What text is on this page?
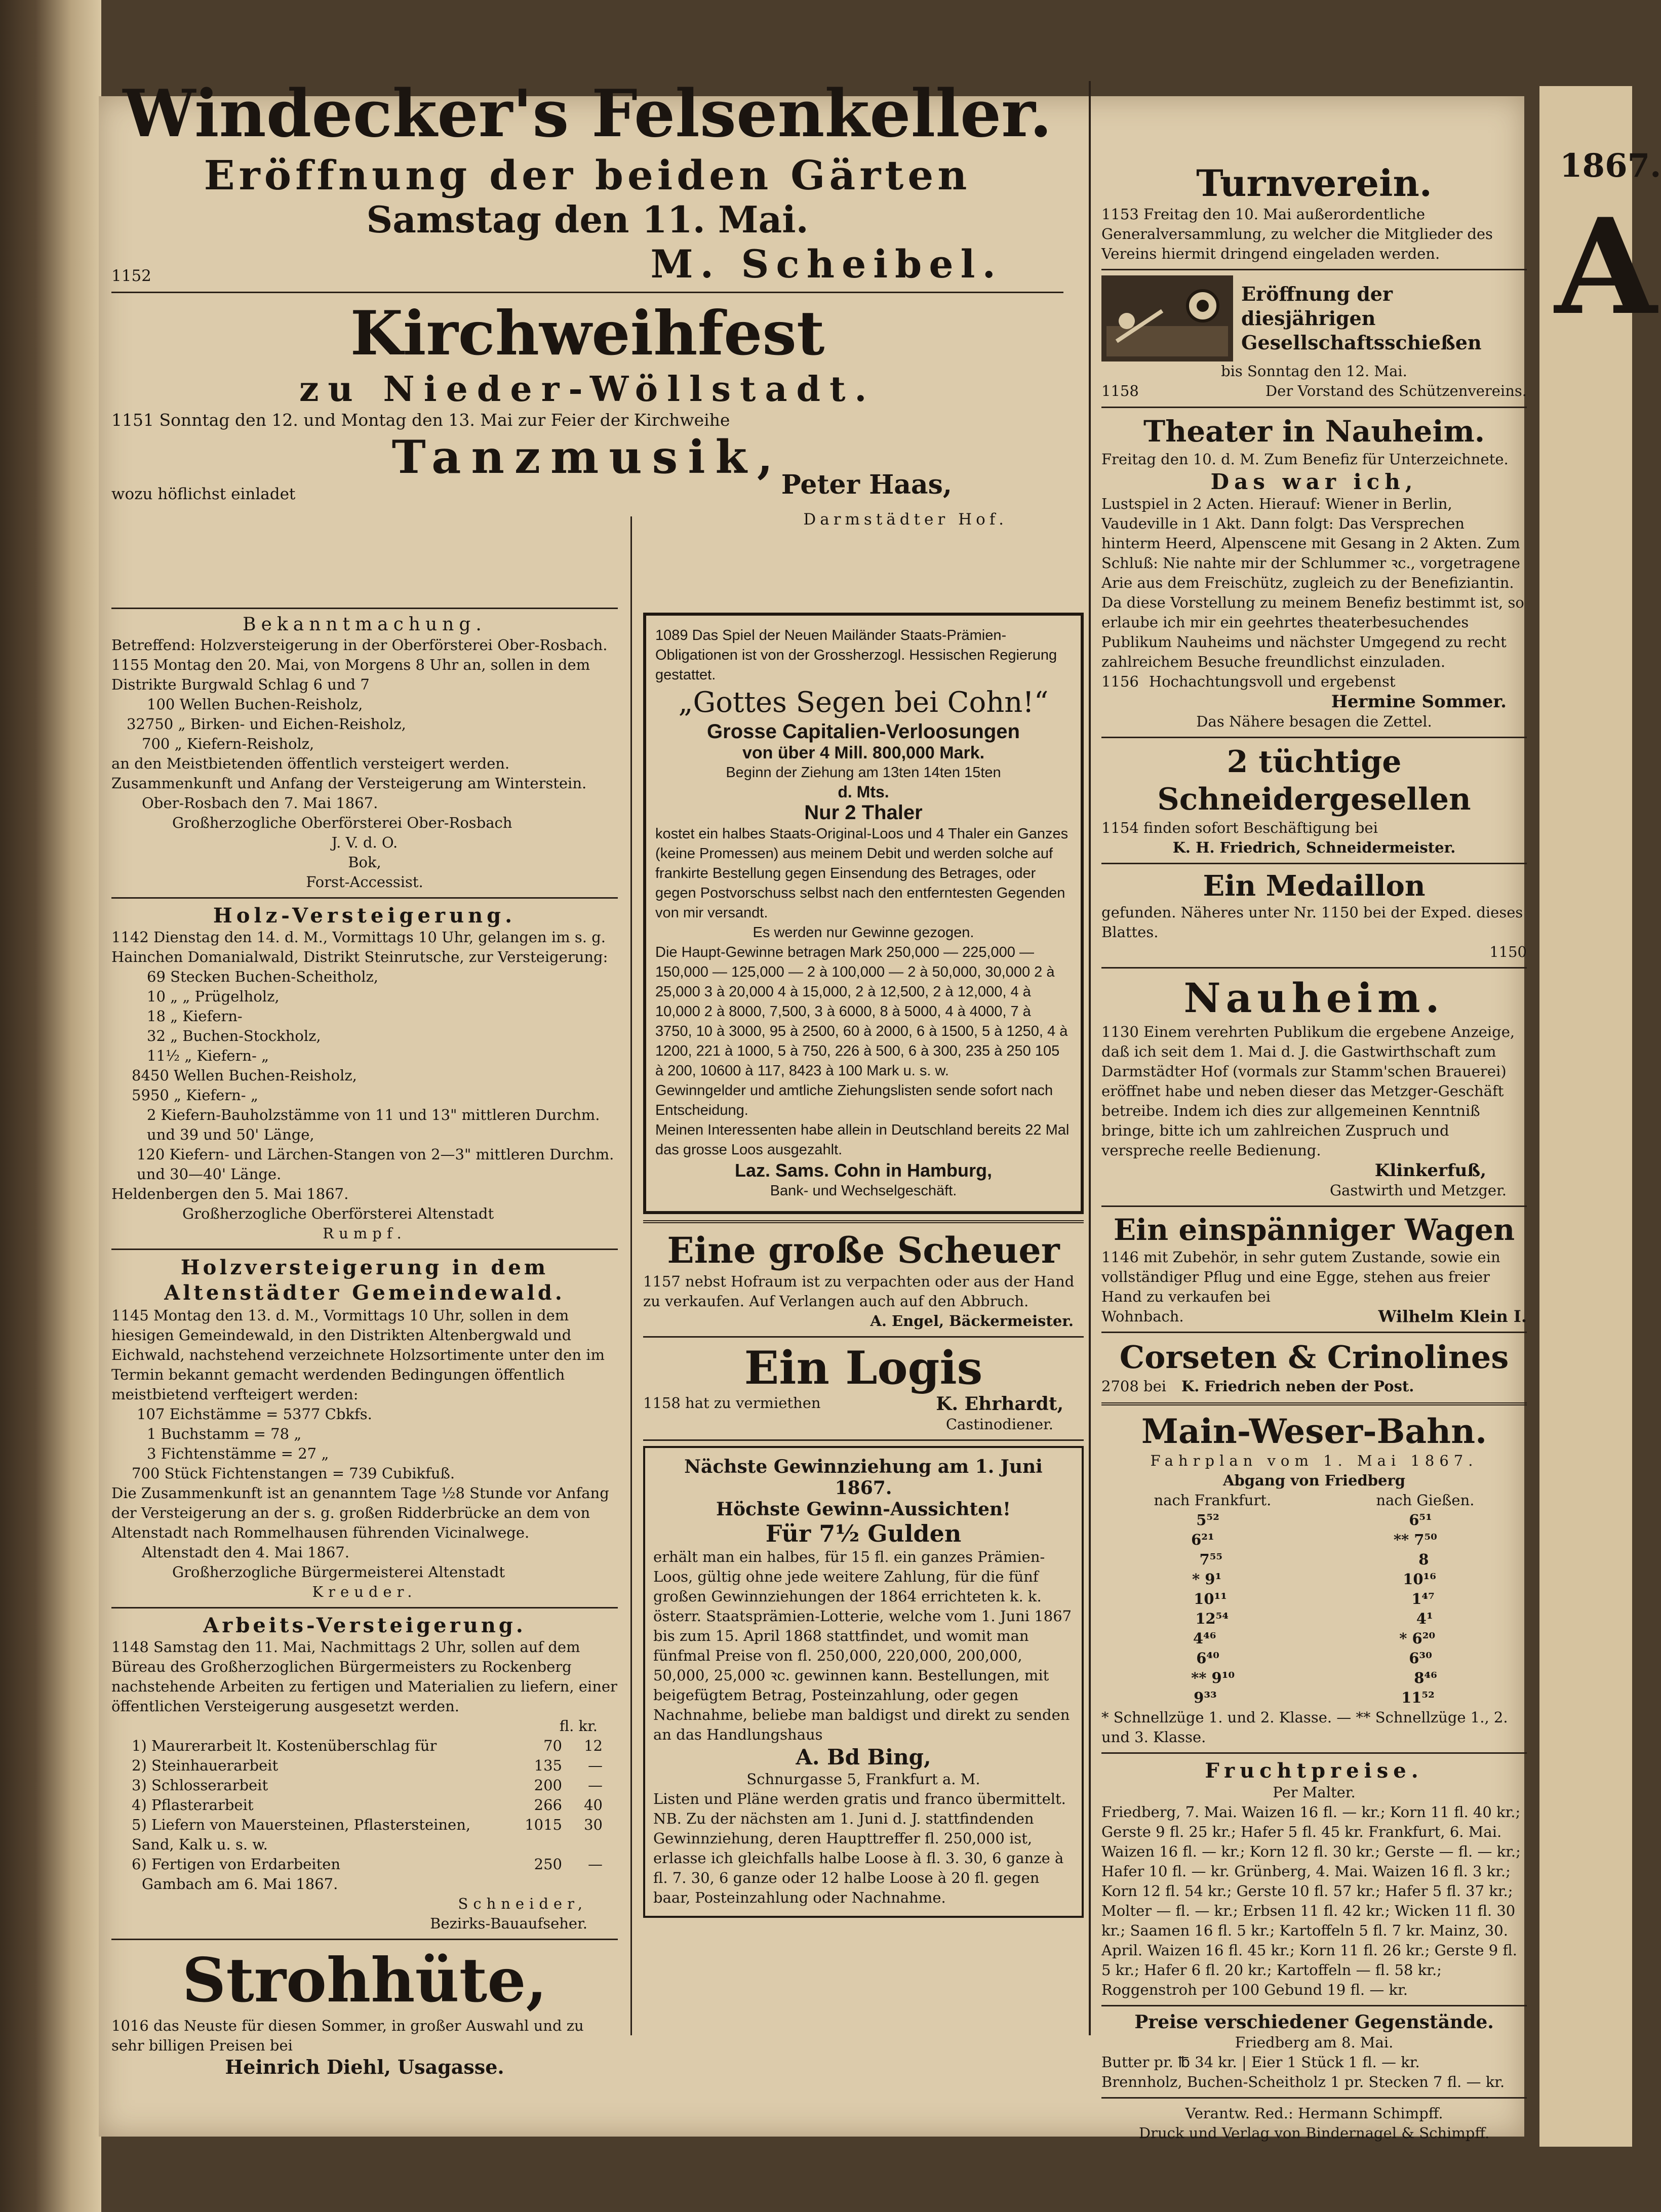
1867.
A
Windecker's Felsenkeller.
Eröffnung der beiden Gärten
Samstag den 11. Mai.
1152	M. Scheibel.
Kirchweihfest
zu Nieder-Wöllstadt.

1151 Sonntag den 12. und Montag den 13. Mai zur Feier der Kirchweihe

Tanzmusik,
wozu höflichst einladet	Peter Haas,
Darmstädter Hof.
Bekanntmachung.

Betreffend: Holzversteigerung in der Oberförsterei Ober-Rosbach.

1155 Montag den 20. Mai, von Morgens 8 Uhr an, sollen in dem Distrikte Burgwald Schlag 6 und 7

100 Wellen Buchen-Reisholz,

32750 „ Birken- und Eichen-Reisholz,

700 „ Kiefern-Reisholz,

an den Meistbietenden öffentlich versteigert werden. Zusammenkunft und Anfang der Versteigerung am Winterstein.

Ober-Rosbach den 7. Mai 1867.

Großherzogliche Oberförsterei Ober-Rosbach

J. V. d. O.

Bok,

Forst-Accessist.

Holz-Versteigerung.

1142 Dienstag den 14. d. M., Vormittags 10 Uhr, gelangen im s. g. Hainchen Domanialwald, Distrikt Steinrutsche, zur Versteigerung:

69 Stecken Buchen-Scheitholz,

10 „ „ Prügelholz,

18 „ Kiefern-

32 „ Buchen-Stockholz,

11½ „ Kiefern- „

8450 Wellen Buchen-Reisholz,

5950 „ Kiefern- „

2 Kiefern-Bauholzstämme von 11 und 13" mittleren Durchm. und 39 und 50' Länge,

120 Kiefern- und Lärchen-Stangen von 2—3" mittleren Durchm. und 30—40' Länge.

Heldenbergen den 5. Mai 1867.

Großherzogliche Oberförsterei Altenstadt

Rumpf.

Holzversteigerung in dem Altenstädter Gemeindewald.

1145 Montag den 13. d. M., Vormittags 10 Uhr, sollen in dem hiesigen Gemeindewald, in den Distrikten Altenbergwald und Eichwald, nachstehend verzeichnete Holzsortimente unter den im Termin bekannt gemacht werdenden Bedingungen öffentlich meistbietend verfteigert werden:

107 Eichstämme = 5377 Cbkfs.

1 Buchstamm = 78 „

3 Fichtenstämme = 27 „

700 Stück Fichtenstangen = 739 Cubikfuß.

Die Zusammenkunft ist an genanntem Tage ½8 Stunde vor Anfang der Versteigerung an der s. g. großen Ridderbrücke an dem von Altenstadt nach Rommelhausen führenden Vicinalwege.

Altenstadt den 4. Mai 1867.

Großherzogliche Bürgermeisterei Altenstadt

Kreuder.

Arbeits-Versteigerung.

1148 Samstag den 11. Mai, Nachmittags 2 Uhr, sollen auf dem Büreau des Großherzoglichen Bürgermeisters zu Rockenberg nachstehende Arbeiten zu fertigen und Materialien zu liefern, einer öffentlichen Versteigerung ausgesetzt werden.

fl. kr.
1) Maurerarbeit lt. Kostenüberschlag für	70	12
2) Steinhauerarbeit	135	—
3) Schlosserarbeit	200	—
4) Pflasterarbeit	266	40
5) Liefern von Mauersteinen, Pflastersteinen, Sand, Kalk u. s. w.
1015	30
6) Fertigen von Erdarbeiten	250	—

Gambach am 6. Mai 1867.

Schneider,

Bezirks-Bauaufseher.

Strohhüte,

1016 das Neuste für diesen Sommer, in großer Auswahl und zu sehr billigen Preisen bei

Heinrich Diehl, Usagasse.

1089 Das Spiel der Neuen Mailänder Staats-Prämien-Obligationen ist von der Grossherzogl. Hessischen Regierung gestattet.

„Gottes Segen bei Cohn!“
Grosse Capitalien-Verloosungen
von über 4 Mill. 800,000 Mark.
Beginn der Ziehung am 13ten 14ten 15ten
d. Mts.
Nur 2 Thaler

kostet ein halbes Staats-Original-Loos und 4 Thaler ein Ganzes (keine Promessen) aus meinem Debit und werden solche auf frankirte Bestellung gegen Einsendung des Betrages, oder gegen Postvorschuss selbst nach den entferntesten Gegenden von mir versandt.

Es werden nur Gewinne gezogen.

Die Haupt-Gewinne betragen Mark 250,000 — 225,000 — 150,000 — 125,000 — 2 à 100,000 — 2 à 50,000, 30,000 2 à 25,000 3 à 20,000 4 à 15,000, 2 à 12,500, 2 à 12,000, 4 à 10,000 2 à 8000, 7,500, 3 à 6000, 8 à 5000, 4 à 4000, 7 à 3750, 10 à 3000, 95 à 2500, 60 à 2000, 6 à 1500, 5 à 1250, 4 à 1200, 221 à 1000, 5 à 750, 226 à 500, 6 à 300, 235 à 250 105 à 200, 10600 à 117, 8423 à 100 Mark u. s. w.

Gewinngelder und amtliche Ziehungslisten sende sofort nach Entscheidung.

Meinen Interessenten habe allein in Deutschland bereits 22 Mal das grosse Loos ausgezahlt.

Laz. Sams. Cohn in Hamburg,

Bank- und Wechselgeschäft.

Eine große Scheuer

1157 nebst Hofraum ist zu verpachten oder aus der Hand zu verkaufen. Auf Verlangen auch auf den Abbruch.

A. Engel, Bäckermeister.

Ein Logis
1158 hat zu vermiethen	K. Ehrhardt,

Castinodiener.

Nächste Gewinnziehung am 1. Juni 1867.

Höchste Gewinn-Aussichten!

Für 7½ Gulden

erhält man ein halbes, für 15 fl. ein ganzes Prämien-Loos, gültig ohne jede weitere Zahlung, für die fünf großen Gewinnziehungen der 1864 errichteten k. k. österr. Staatsprämien-Lotterie, welche vom 1. Juni 1867 bis zum 15. April 1868 stattfindet, und womit man fünfmal Preise von fl. 250,000, 220,000, 200,000, 50,000, 25,000 ꝛc. gewinnen kann. Bestellungen, mit beigefügtem Betrag, Posteinzahlung, oder gegen Nachnahme, beliebe man baldigst und direkt zu senden an das Handlungshaus

A. Bd Bing,

Schnurgasse 5, Frankfurt a. M.

Listen und Pläne werden gratis und franco übermittelt.

NB. Zu der nächsten am 1. Juni d. J. stattfindenden Gewinnziehung, deren Haupttreffer fl. 250,000 ist, erlasse ich gleichfalls halbe Loose à fl. 3. 30, 6 ganze à fl. 7. 30, 6 ganze oder 12 halbe Loose à 20 fl. gegen baar, Posteinzahlung oder Nachnahme.

Turnverein.

1153 Freitag den 10. Mai außerordentliche Generalversammlung, zu welcher die Mitglieder des Vereins hiermit dringend eingeladen werden.

Eröffnung der diesjährigen Gesellschaftsschießen

bis Sonntag den 12. Mai.

1158	Der Vorstand des Schützenvereins.
Theater in Nauheim.

Freitag den 10. d. M. Zum Benefiz für Unterzeichnete.

Das war ich,

Lustspiel in 2 Acten. Hierauf: Wiener in Berlin, Vaudeville in 1 Akt. Dann folgt: Das Versprechen hinterm Heerd, Alpenscene mit Gesang in 2 Akten. Zum Schluß: Nie nahte mir der Schlummer ꝛc., vorgetragene Arie aus dem Freischütz, zugleich zu der Benefiziantin.

Da diese Vorstellung zu meinem Benefiz bestimmt ist, so erlaube ich mir ein geehrtes theaterbesuchendes Publikum Nauheims und nächster Umgegend zu recht zahlreichem Besuche freundlichst einzuladen.

1156 Hochachtungsvoll und ergebenst

Hermine Sommer.

Das Nähere besagen die Zettel.

2 tüchtige Schneidergesellen

1154 finden sofort Beschäftigung bei

K. H. Friedrich, Schneidermeister.

Ein Medaillon

gefunden. Näheres unter Nr. 1150 bei der Exped. dieses Blattes.

1150

Nauheim.

1130 Einem verehrten Publikum die ergebene Anzeige, daß ich seit dem 1. Mai d. J. die Gastwirthschaft zum Darmstädter Hof (vormals zur Stamm'schen Brauerei) eröffnet habe und neben dieser das Metzger-Geschäft betreibe. Indem ich dies zur allgemeinen Kenntniß bringe, bitte ich um zahlreichen Zuspruch und verspreche reelle Bedienung.

Klinkerfuß,

Gastwirth und Metzger.

Ein einspänniger Wagen

1146 mit Zubehör, in sehr gutem Zustande, sowie ein vollständiger Pflug und eine Egge, stehen aus freier Hand zu verkaufen bei

Wohnbach.	Wilhelm Klein I.
Corseten & Crinolines
2708 bei K. Friedrich neben der Post.
Main-Weser-Bahn.

Fahrplan vom 1. Mai 1867.

Abgang von Friedberg

nach Frankfurt.	nach Gießen.
5⁵²	6⁵¹
6²¹	** 7⁵⁰
7⁵⁵	8
* 9¹	10¹⁶
10¹¹	1⁴⁷
12⁵⁴	4¹
4⁴⁶	* 6²⁰
6⁴⁰	6³⁰
** 9¹⁰	8⁴⁶
9³³	11⁵²

* Schnellzüge 1. und 2. Klasse. — ** Schnellzüge 1., 2. und 3. Klasse.

Fruchtpreise.

Per Malter.

Friedberg, 7. Mai. Waizen 16 fl. — kr.; Korn 11 fl. 40 kr.; Gerste 9 fl. 25 kr.; Hafer 5 fl. 45 kr. Frankfurt, 6. Mai. Waizen 16 fl. — kr.; Korn 12 fl. 30 kr.; Gerste — fl. — kr.; Hafer 10 fl. — kr. Grünberg, 4. Mai. Waizen 16 fl. 3 kr.; Korn 12 fl. 54 kr.; Gerste 10 fl. 57 kr.; Hafer 5 fl. 37 kr.; Molter — fl. — kr.; Erbsen 11 fl. 42 kr.; Wicken 11 fl. 30 kr.; Saamen 16 fl. 5 kr.; Kartoffeln 5 fl. 7 kr. Mainz, 30. April. Waizen 16 fl. 45 kr.; Korn 11 fl. 26 kr.; Gerste 9 fl. 5 kr.; Hafer 6 fl. 20 kr.; Kartoffeln — fl. 58 kr.; Roggenstroh per 100 Gebund 19 fl. — kr.

Preise verschiedener Gegenstände.

Friedberg am 8. Mai.

Butter pr. ℔ 34 kr. | Eier 1 Stück 1 fl. — kr.

Brennholz, Buchen-Scheitholz 1 pr. Stecken 7 fl. — kr.

Verantw. Red.: Hermann Schimpff.

Druck und Verlag von Bindernagel & Schimpff.
